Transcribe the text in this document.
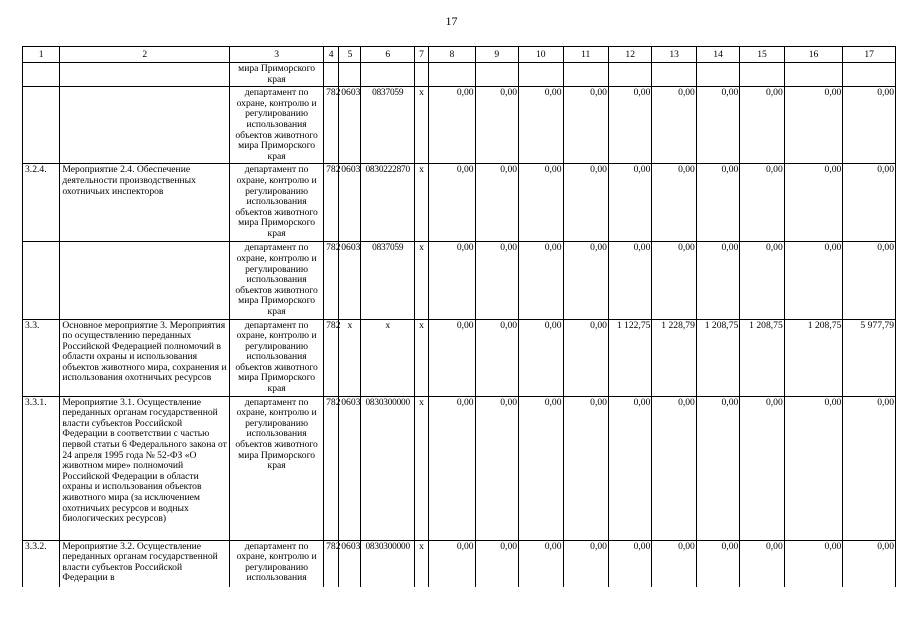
17
1	2	3	4	5	6	7	8	9	10	11	12	13	14	15	16	17
		мира Приморского края														
		департамент по охране, контролю и регулированию использования объектов животного мира Приморского края	782	0603	0837059	x	0,00	0,00	0,00	0,00	0,00	0,00	0,00	0,00	0,00	0,00
3.2.4.	Мероприятие 2.4. Обеспечение деятельности производственных охотничьих инспекторов	департамент по охране, контролю и регулированию использования объектов животного мира Приморского края	782	0603	0830222870	x	0,00	0,00	0,00	0,00	0,00	0,00	0,00	0,00	0,00	0,00
		департамент по охране, контролю и регулированию использования объектов животного мира Приморского края	782	0603	0837059	x	0,00	0,00	0,00	0,00	0,00	0,00	0,00	0,00	0,00	0,00
3.3.	Основное мероприятие 3. Мероприятия по осуществлению переданных Российской Федерацией полномочий в области охраны и использования объектов животного мира, сохранения и использования охотничьих ресурсов	департамент по охране, контролю и регулированию использования объектов животного мира Приморского края	782	x	x	x	0,00	0,00	0,00	0,00	1 122,75	1 228,79	1 208,75	1 208,75	1 208,75	5 977,79
3.3.1.	Мероприятие 3.1. Осуществление переданных органам государственной власти субъектов Российской Федерации в соответствии с частью первой статьи 6 Федерального закона от 24 апреля 1995 года № 52-ФЗ «О животном мире» полномочий Российской Федерации в области охраны и использования объектов животного мира (за исключением охотничьих ресурсов и водных биологических ресурсов)	департамент по охране, контролю и регулированию использования объектов животного мира Приморского края	782	0603	0830300000	x	0,00	0,00	0,00	0,00	0,00	0,00	0,00	0,00	0,00	0,00
3.3.2.	Мероприятие 3.2. Осуществление переданных органам государственной власти субъектов Российской Федерации в	департамент по охране, контролю и регулированию использования	782	0603	0830300000	x	0,00	0,00	0,00	0,00	0,00	0,00	0,00	0,00	0,00	0,00
